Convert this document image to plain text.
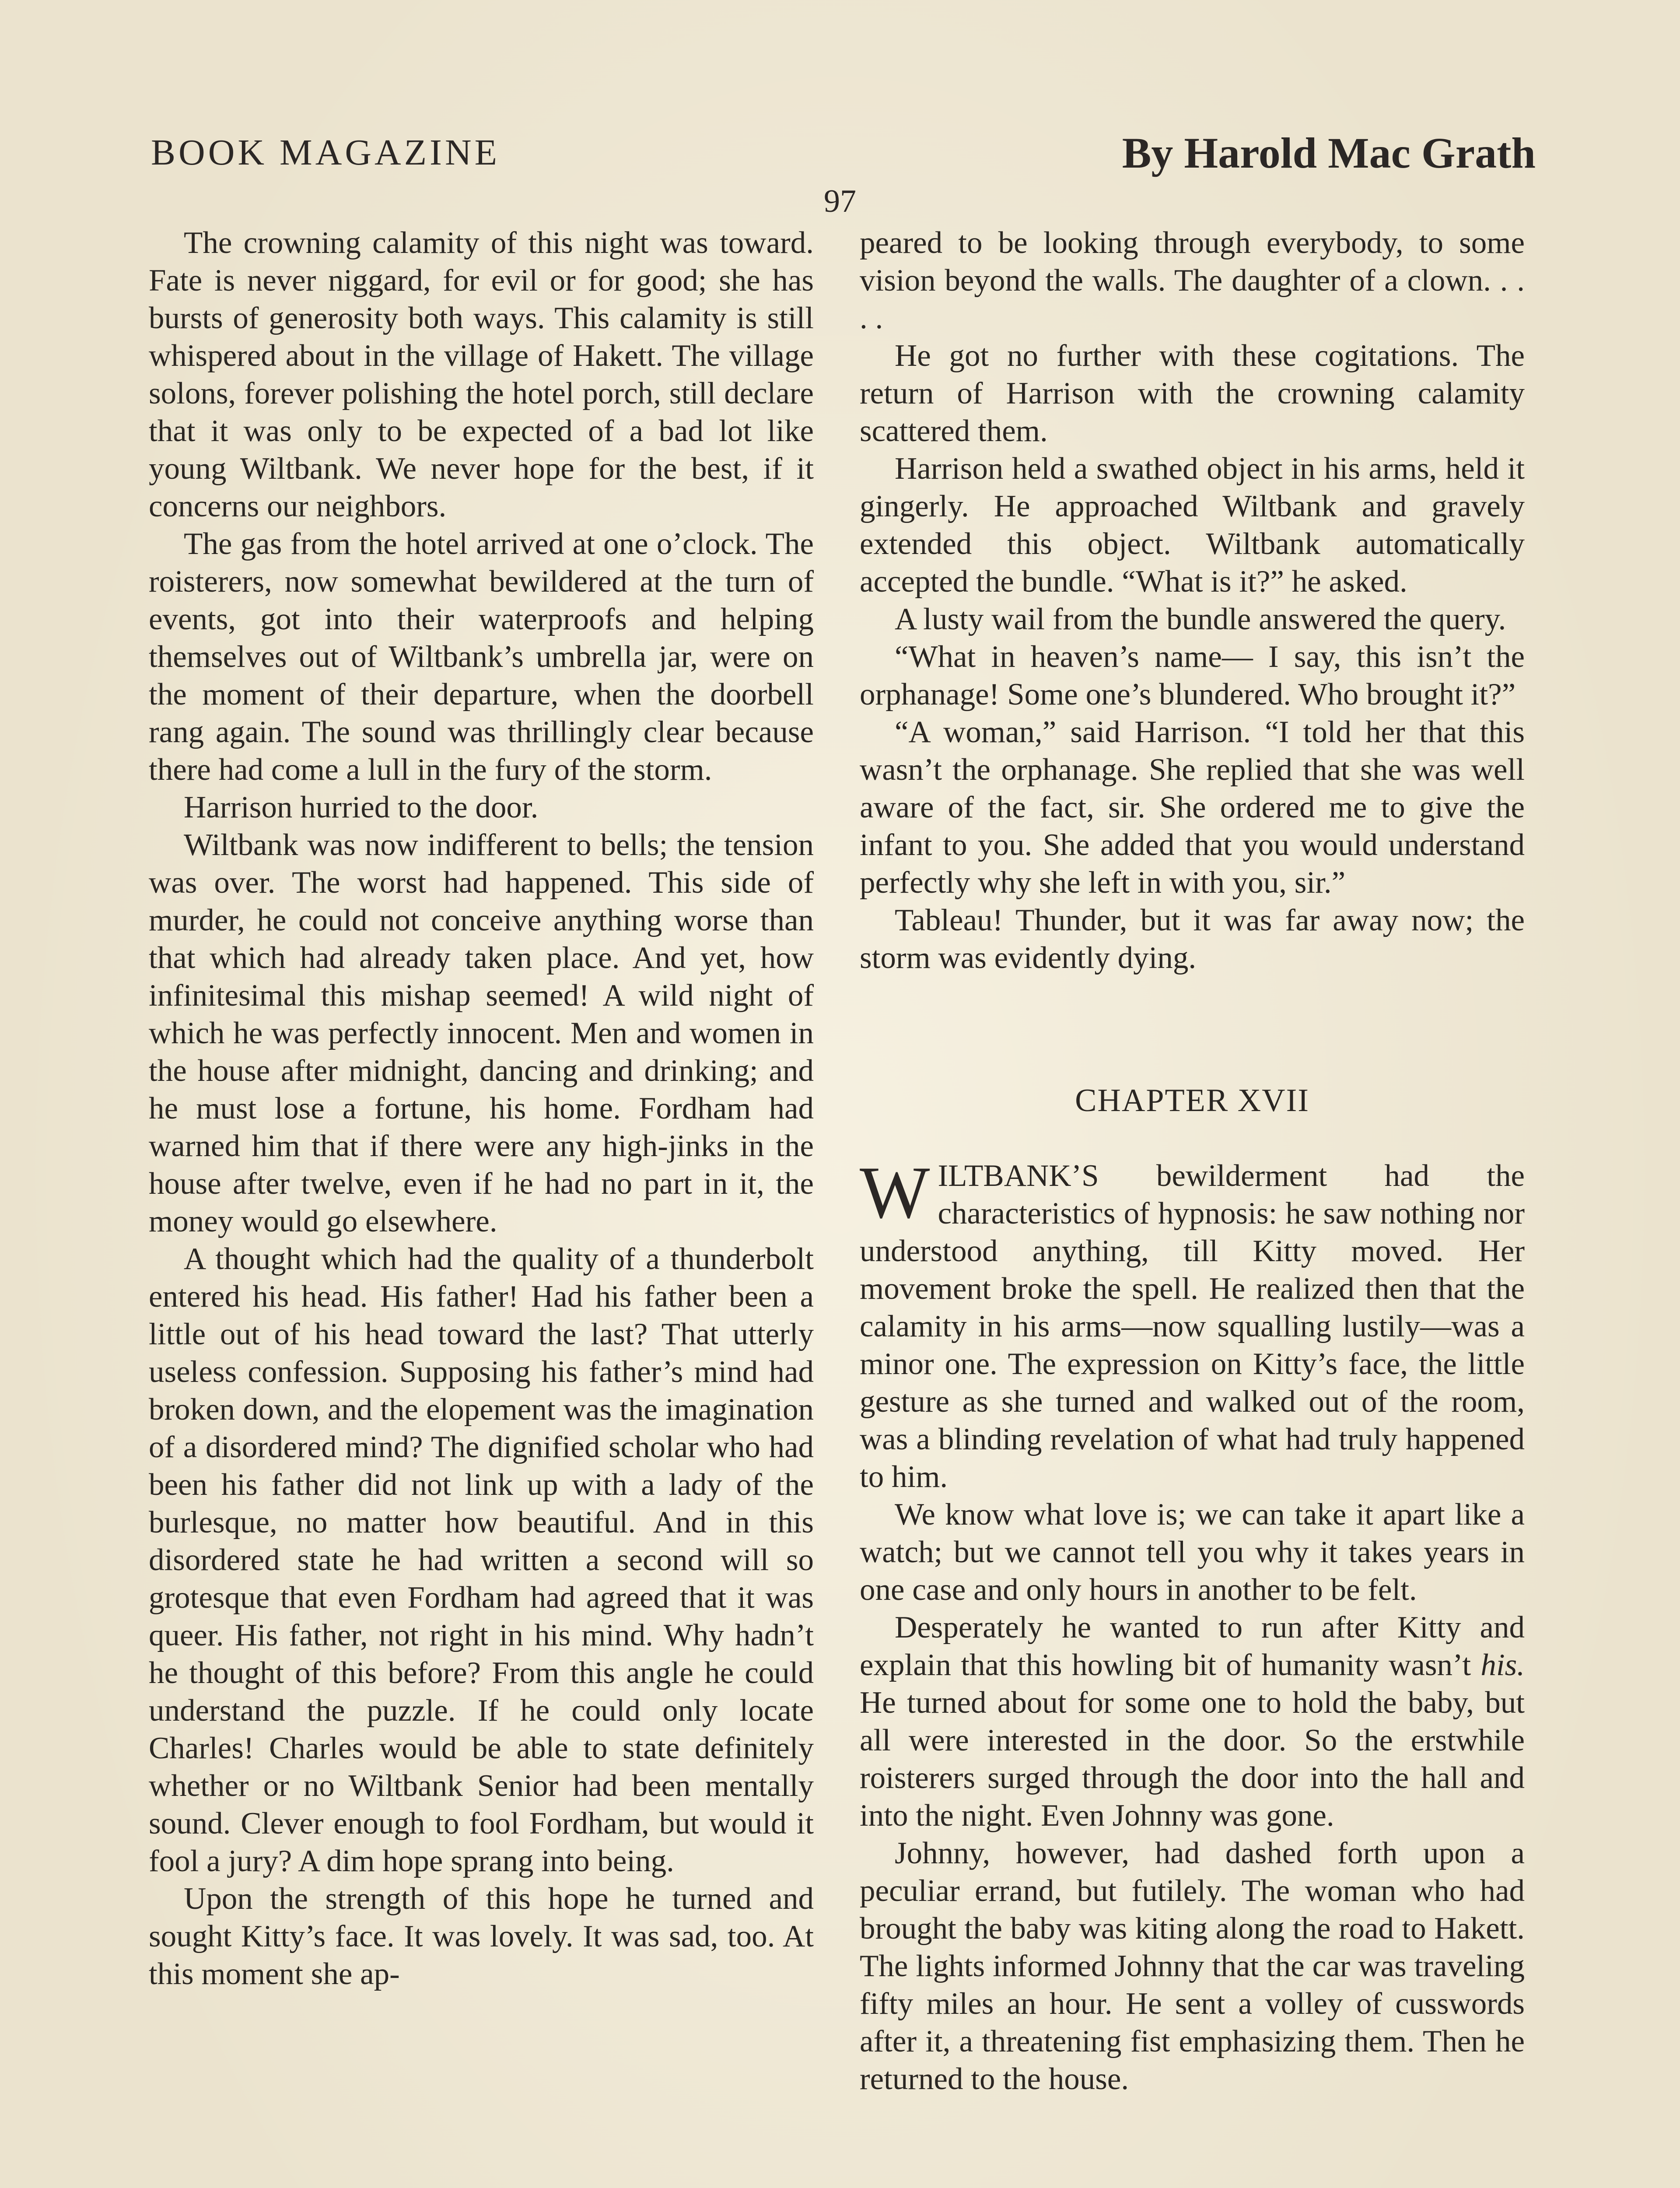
BOOK MAGAZINE	By Harold Mac Grath
97

The crowning calamity of this night was toward. Fate is never niggard, for evil or for good; she has bursts of generosity both ways. This calamity is still whispered about in the village of Hakett. The village solons, forever polishing the hotel porch, still declare that it was only to be expected of a bad lot like young Wiltbank. We never hope for the best, if it concerns our neighbors.

The gas from the hotel arrived at one o’clock. The roisterers, now somewhat bewildered at the turn of events, got into their waterproofs and helping themselves out of Wiltbank’s umbrella jar, were on the moment of their departure, when the doorbell rang again. The sound was thrillingly clear because there had come a lull in the fury of the storm.

Harrison hurried to the door.

Wiltbank was now indifferent to bells; the tension was over. The worst had happened. This side of murder, he could not conceive anything worse than that which had already taken place. And yet, how infinitesimal this mishap seemed! A wild night of which he was perfectly innocent. Men and women in the house after midnight, dancing and drinking; and he must lose a fortune, his home. Fordham had warned him that if there were any high-jinks in the house after twelve, even if he had no part in it, the money would go elsewhere.

A thought which had the quality of a thunderbolt entered his head. His father! Had his father been a little out of his head toward the last? That utterly useless confession. Supposing his father’s mind had broken down, and the elopement was the imagination of a disordered mind? The dignified scholar who had been his father did not link up with a lady of the burlesque, no matter how beautiful. And in this disordered state he had written a second will so grotesque that even Fordham had agreed that it was queer. His father, not right in his mind. Why hadn’t he thought of this before? From this angle he could understand the puzzle. If he could only locate Charles! Charles would be able to state definitely whether or no Wiltbank Senior had been mentally sound. Clever enough to fool Fordham, but would it fool a jury? A dim hope sprang into being.

Upon the strength of this hope he turned and sought Kitty’s face. It was lovely. It was sad, too. At this moment she ap-

peared to be looking through everybody, to some vision beyond the walls. The daughter of a clown. . . . .

He got no further with these cogitations. The return of Harrison with the crowning calamity scattered them.

Harrison held a swathed object in his arms, held it gingerly. He approached Wiltbank and gravely extended this object. Wiltbank automatically accepted the bundle. “What is it?” he asked.

A lusty wail from the bundle answered the query.

“What in heaven’s name— I say, this isn’t the orphanage! Some one’s blundered. Who brought it?”

“A woman,” said Harrison. “I told her that this wasn’t the orphanage. She replied that she was well aware of the fact, sir. She ordered me to give the infant to you. She added that you would understand perfectly why she left in with you, sir.”

Tableau! Thunder, but it was far away now; the storm was evidently dying.

CHAPTER XVII

WILTBANK’S bewilderment had the characteristics of hypnosis: he saw nothing nor understood anything, till Kitty moved. Her movement broke the spell. He realized then that the calamity in his arms—now squalling lustily—was a minor one. The expression on Kitty’s face, the little gesture as she turned and walked out of the room, was a blinding revelation of what had truly happened to him.

We know what love is; we can take it apart like a watch; but we cannot tell you why it takes years in one case and only hours in another to be felt.

Desperately he wanted to run after Kitty and explain that this howling bit of humanity wasn’t his. He turned about for some one to hold the baby, but all were interested in the door. So the erstwhile roisterers surged through the door into the hall and into the night. Even Johnny was gone.

Johnny, however, had dashed forth upon a peculiar errand, but futilely. The woman who had brought the baby was kiting along the road to Hakett. The lights informed Johnny that the car was traveling fifty miles an hour. He sent a volley of cusswords after it, a threatening fist emphasizing them. Then he returned to the house.
